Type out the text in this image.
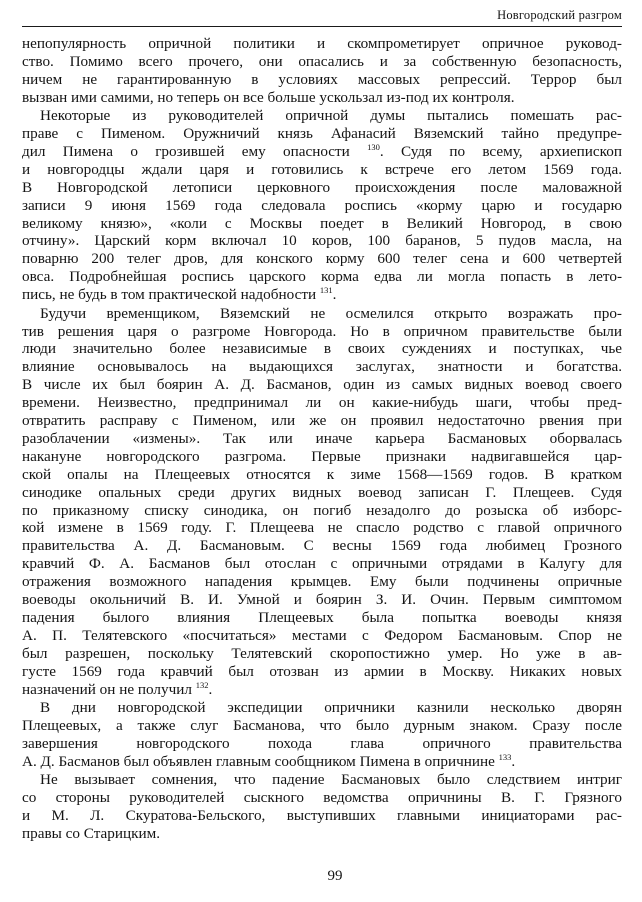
Новгородский разгром

непопулярность опричной политики и скомпрометирует опричное руковод-
ство. Помимо всего прочего, они опасались и за собственную безопасность,
ничем не гарантированную в условиях массовых репрессий. Террор был
вызван ими самими, но теперь он все больше ускользал из-под их контроля.

Некоторые из руководителей опричной думы пытались помешать рас-
праве с Пименом. Оружничий князь Афанасий Вяземский тайно предупре-
дил Пимена о грозившей ему опасности $^{130}$. Судя по всему, архиепископ
и новгородцы ждали царя и готовились к встрече его летом 1569 года.
В Новгородской летописи церковного происхождения после маловажной
записи 9 июня 1569 года следовала роспись «корму царю и государю
великому князю», «коли с Москвы поедет в Великий Новгород, в свою
отчину». Царский корм включал 10 коров, 100 баранов, 5 пудов масла, на
поварню 200 телег дров, для конского корму 600 телег сена и 600 четвертей
овса. Подробнейшая роспись царского корма едва ли могла попасть в лето-
пись, не будь в том практической надобности $^{131}$.

Будучи временщиком, Вяземский не осмелился открыто возражать про-
тив решения царя о разгроме Новгорода. Но в опричном правительстве были
люди значительно более независимые в своих суждениях и поступках, чье
влияние основывалось на выдающихся заслугах, знатности и богатства.
В числе их был боярин А. Д. Басманов, один из самых видных воевод своего
времени. Неизвестно, предпринимал ли он какие-нибудь шаги, чтобы пред-
отвратить расправу с Пименом, или же он проявил недостаточно рвения при
разоблачении «измены». Так или иначе карьера Басмановых оборвалась
накануне новгородского разгрома. Первые признаки надвигавшейся цар-
ской опалы на Плещеевых относятся к зиме 1568—1569 годов. В кратком
синодике опальных среди других видных воевод записан Г. Плещеев. Судя
по приказному списку синодика, он погиб незадолго до розыска об изборс-
кой измене в 1569 году. Г. Плещеева не спасло родство с главой опричного
правительства А. Д. Басмановым. С весны 1569 года любимец Грозного
кравчий Ф. А. Басманов был отослан с опричными отрядами в Калугу для
отражения возможного нападения крымцев. Ему были подчинены опричные
воеводы окольничий В. И. Умной и боярин З. И. Очин. Первым симптомом
падения былого влияния Плещеевых была попытка воеводы князя
А. П. Телятевского «посчитаться» местами с Федором Басмановым. Спор не
был разрешен, поскольку Телятевский скоропостижно умер. Но уже в ав-
густе 1569 года кравчий был отозван из армии в Москву. Никаких новых
назначений он не получил $^{132}$.

В дни новгородской экспедиции опричники казнили несколько дворян
Плещеевых, а также слуг Басманова, что было дурным знаком. Сразу после
завершения новгородского похода глава опричного правительства
А. Д. Басманов был объявлен главным сообщником Пимена в опричнине $^{133}$.

Не вызывает сомнения, что падение Басмановых было следствием интриг
со стороны руководителей сыскного ведомства опричнины В. Г. Грязного
и М. Л. Скуратова-Бельского, выступивших главными инициаторами рас-
правы со Старицким.

99
